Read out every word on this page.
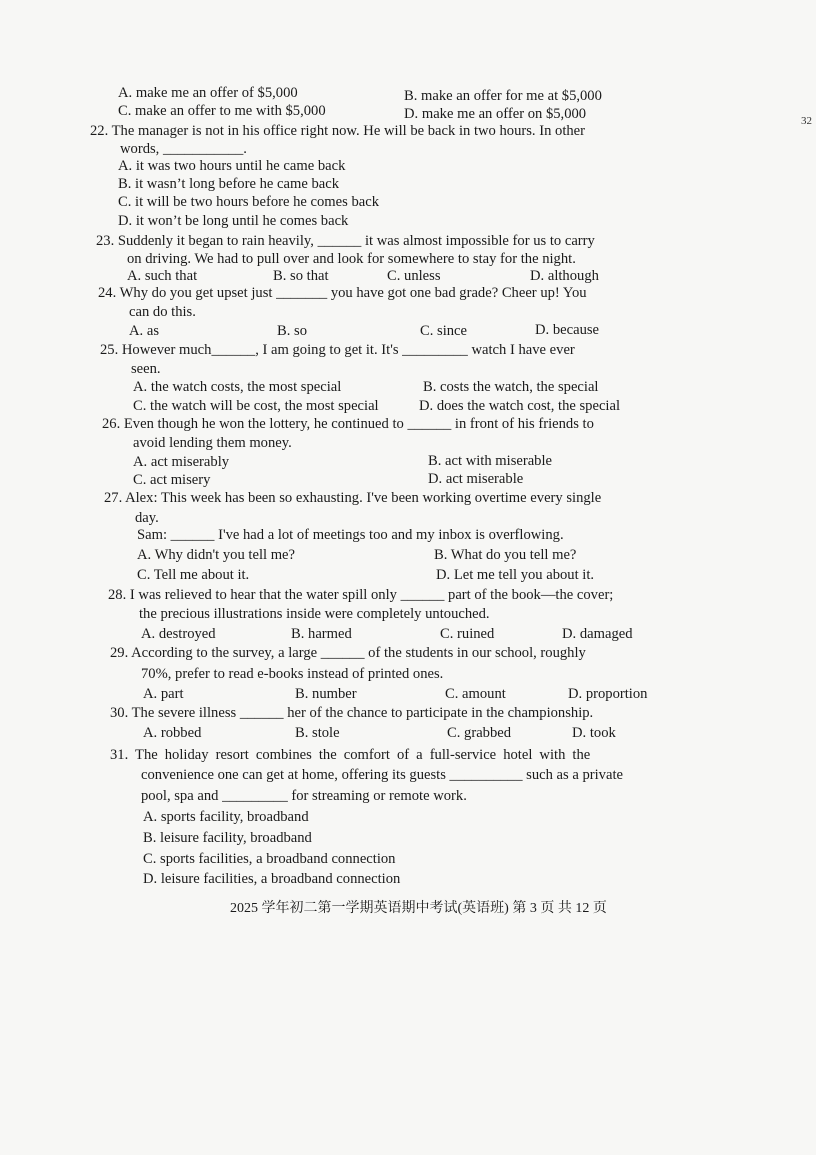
32
A. make me an offer of $5,000	B. make an offer for me at $5,000
C. make an offer to me with $5,000	D. make me an offer on $5,000
22. The manager is not in his office right now. He will be back in two hours. In other
words, ___________.
A. it was two hours until he came back
B. it wasn’t long before he came back
C. it will be two hours before he comes back
D. it won’t be long until he comes back
23. Suddenly it began to rain heavily, ______ it was almost impossible for us to carry
on driving. We had to pull over and look for somewhere to stay for the night.
A. such that	B. so that	C. unless	D. although
24. Why do you get upset just _______ you have got one bad grade? Cheer up! You
can do this.
A. as	B. so	C. since	D. because
25. However much______, I am going to get it. It's _________ watch I have ever
seen.
A. the watch costs, the most special	B. costs the watch, the special
C. the watch will be cost, the most special	D. does the watch cost, the special
26. Even though he won the lottery, he continued to ______ in front of his friends to
avoid lending them money.
A. act miserably	B. act with miserable
C. act misery	D. act miserable
27. Alex: This week has been so exhausting. I've been working overtime every single
day.
Sam: ______ I've had a lot of meetings too and my inbox is overflowing.
A. Why didn't you tell me?	B. What do you tell me?
C. Tell me about it.	D. Let me tell you about it.
28. I was relieved to hear that the water spill only ______ part of the book—the cover;
the precious illustrations inside were completely untouched.
A. destroyed	B. harmed	C. ruined	D. damaged
29. According to the survey, a large ______ of the students in our school, roughly
70%, prefer to read e-books instead of printed ones.
A. part	B. number	C. amount	D. proportion
30. The severe illness ______ her of the chance to participate in the championship.
A. robbed	B. stole	C. grabbed	D. took
31. The holiday resort combines the comfort of a full-service hotel with the
convenience one can get at home, offering its guests __________ such as a private
pool, spa and _________ for streaming or remote work.
A. sports facility, broadband
B. leisure facility, broadband
C. sports facilities, a broadband connection
D. leisure facilities, a broadband connection
2025 学年初二第一学期英语期中考试(英语班) 第 3 页 共 12 页
